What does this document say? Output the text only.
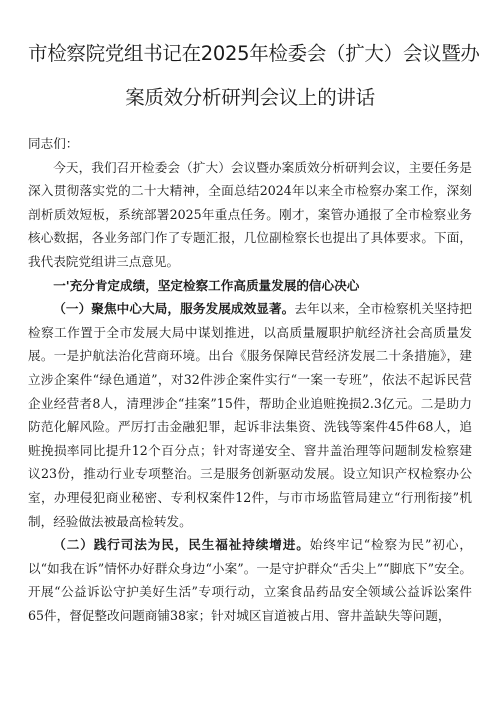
市检察院党组书记在2025年检委会（扩大）会议暨办
案质效分析研判会议上的讲话

同志们：

今天，我们召开检委会（扩大）会议暨办案质效分析研判会议，主要任务是深入贯彻落实党的二十大精神，全面总结2024年以来全市检察办案工作，深刻剖析质效短板，系统部署2025年重点任务。刚才，案管办通报了全市检察业务核心数据，各业务部门作了专题汇报，几位副检察长也提出了具体要求。下面，我代表院党组讲三点意见。

一'充分肯定成绩，坚定检察工作高质量发展的信心决心

（一）聚焦中心大局，服务发展成效显著。去年以来，全市检察机关坚持把检察工作置于全市发展大局中谋划推进，以高质量履职护航经济社会高质量发展。一是护航法治化营商环境。出台《服务保障民营经济发展二十条措施》，建立涉企案件“绿色通道”，对32件涉企案件实行“一案一专班”，依法不起诉民营企业经营者8人，清理涉企“挂案”15件，帮助企业追赃挽损2.3亿元。二是助力防范化解风险。严厉打击金融犯罪，起诉非法集资、洗钱等案件45件68人，追赃挽损率同比提升12个百分点；针对寄递安全、窨井盖治理等问题制发检察建议23份，推动行业专项整治。三是服务创新驱动发展。设立知识产权检察办公室，办理侵犯商业秘密、专利权案件12件，与市市场监管局建立“行刑衔接”机制，经验做法被最高检转发。

（二）践行司法为民，民生福祉持续增进。始终牢记“检察为民”初心，以“如我在诉”情怀办好群众身边“小案”。一是守护群众“舌尖上”“脚底下”安全。开展“公益诉讼守护美好生活”专项行动，立案食品药品安全领域公益诉讼案件65件，督促整改问题商铺38家；针对城区盲道被占用、窨井盖缺失等问题，
